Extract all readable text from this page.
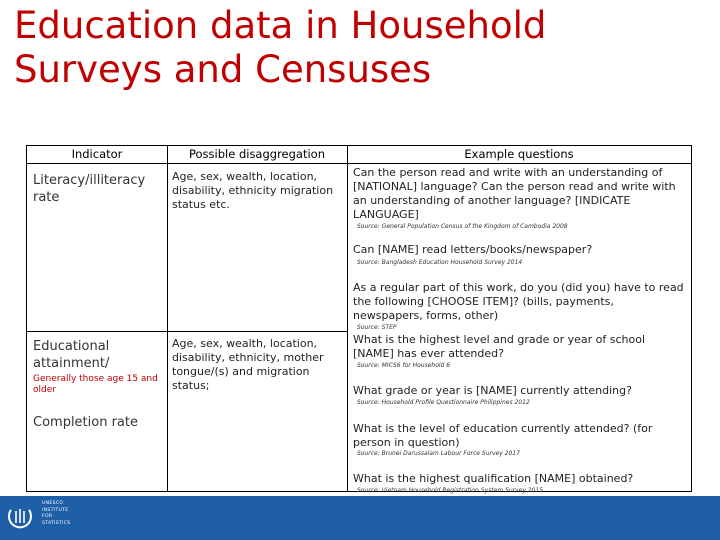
Education data in Household
Surveys and Censuses
Indicator	Possible disaggregation	Example questions
Literacy/illiteracy rate
Educational attainment/
Generally those age 15 and older
Completion rate
Age, sex, wealth, location, disability, ethnicity migration status etc.
Age, sex, wealth, location, disability, ethnicity, mother tongue/(s) and migration status;
Can the person read and write with an understanding of [NATIONAL] language? Can the person read and write with an understanding of another language? [INDICATE LANGUAGE]
Source: General Population Census of the Kingdom of Cambodia 2008
Can [NAME] read letters/books/newspaper?
Source: Bangladesh Education Household Survey 2014
As a regular part of this work, do you (did you) have to read the following [CHOOSE ITEM]? (bills, payments, newspapers, forms, other)
Source: STEP
What is the highest level and grade or year of school [NAME] has ever attended?
Source: MICS6 for Household 6
What grade or year is [NAME] currently attending?
Source: Household Profile Questionnaire Philippines 2012
What is the level of education currently attended? (for person in question)
Source: Brunei Darussalam Labour Force Survey 2017
What is the highest qualification [NAME] obtained?
Source: Vietnam Household Registration System Survey 2015
UNESCO
INSTITUTE
FOR
STATISTICS
